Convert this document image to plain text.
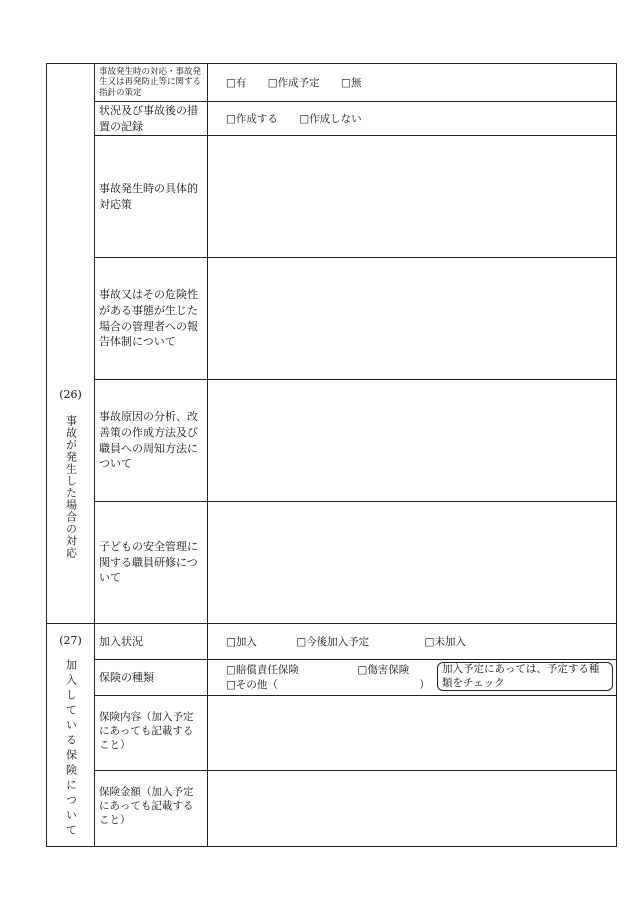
(26)
事故が発生した場合の対応	事故発生時の対応・事故発生又は再発防止等に関する指針の策定	□有 □作成予定 □無
	状況及び事故後の措置の記録	□作成する □作成しない
	事故発生時の具体的対応策	
	事故又はその危険性がある事態が生じた場合の管理者への報告体制について	
	事故原因の分析、改善策の作成方法及び職員への周知方法について	
	子どもの安全管理に関する職員研修について	

(27)
加入している保険について	加入状況	□加入 □今後加入予定 □未加入
	保険の種類	□賠償責任保険 □傷害保険
□その他（ ）
加入予定にあっては、予定する種類をチェック

	保険内容（加入予定にあっても記載すること）	
	保険金額（加入予定にあっても記載すること）	
